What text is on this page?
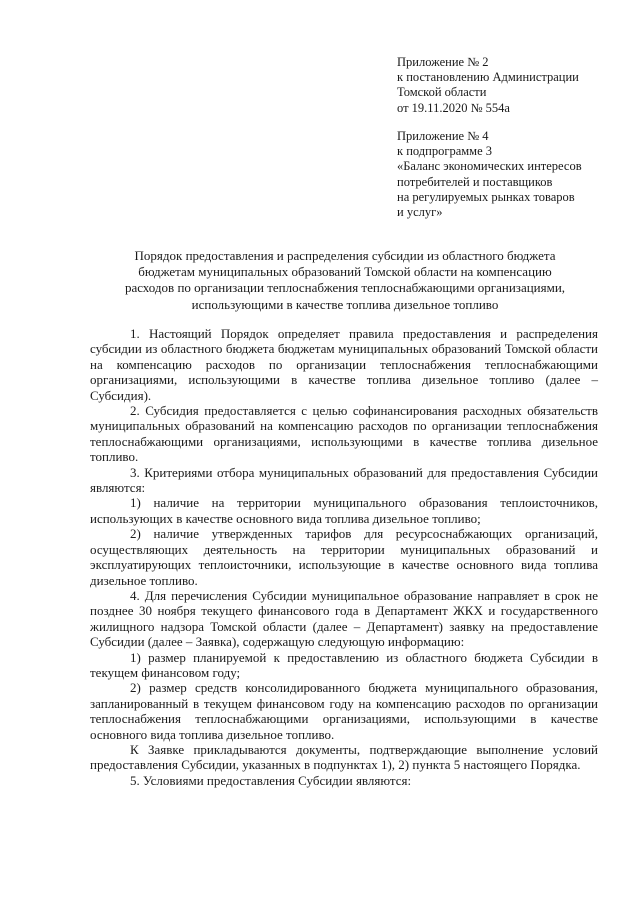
Приложение № 2
к постановлению Администрации
Томской области
от 19.11.2020 № 554а
Приложение № 4
к подпрограмме 3
«Баланс экономических интересов
потребителей и поставщиков
на регулируемых рынках товаров
и услуг»
Порядок предоставления и распределения субсидии из областного бюджета
бюджетам муниципальных образований Томской области на компенсацию
расходов по организации теплоснабжения теплоснабжающими организациями,
использующими в качестве топлива дизельное топливо

1. Настоящий Порядок определяет правила предоставления и распределения субсидии из областного бюджета бюджетам муниципальных образований Томской области на компенсацию расходов по организации теплоснабжения теплоснабжающими организациями, использующими в качестве топлива дизельное топливо (далее – Субсидия).

2. Субсидия предоставляется с целью софинансирования расходных обязательств муниципальных образований на компенсацию расходов по организации теплоснабжения теплоснабжающими организациями, использующими в качестве топлива дизельное топливо.

3. Критериями отбора муниципальных образований для предоставления Субсидии являются:

1) наличие на территории муниципального образования теплоисточников, использующих в качестве основного вида топлива дизельное топливо;

2) наличие утвержденных тарифов для ресурсоснабжающих организаций, осуществляющих деятельность на территории муниципальных образований и эксплуатирующих теплоисточники, использующие в качестве основного вида топлива дизельное топливо.

4. Для перечисления Субсидии муниципальное образование направляет в срок не позднее 30 ноября текущего финансового года в Департамент ЖКХ и государственного жилищного надзора Томской области (далее – Департамент) заявку на предоставление Субсидии (далее – Заявка), содержащую следующую информацию:

1) размер планируемой к предоставлению из областного бюджета Субсидии в текущем финансовом году;

2) размер средств консолидированного бюджета муниципального образования, запланированный в текущем финансовом году на компенсацию расходов по организации теплоснабжения теплоснабжающими организациями, использующими в качестве основного вида топлива дизельное топливо.

К Заявке прикладываются документы, подтверждающие выполнение условий предоставления Субсидии, указанных в подпунктах 1), 2) пункта 5 настоящего Порядка.

5. Условиями предоставления Субсидии являются:
